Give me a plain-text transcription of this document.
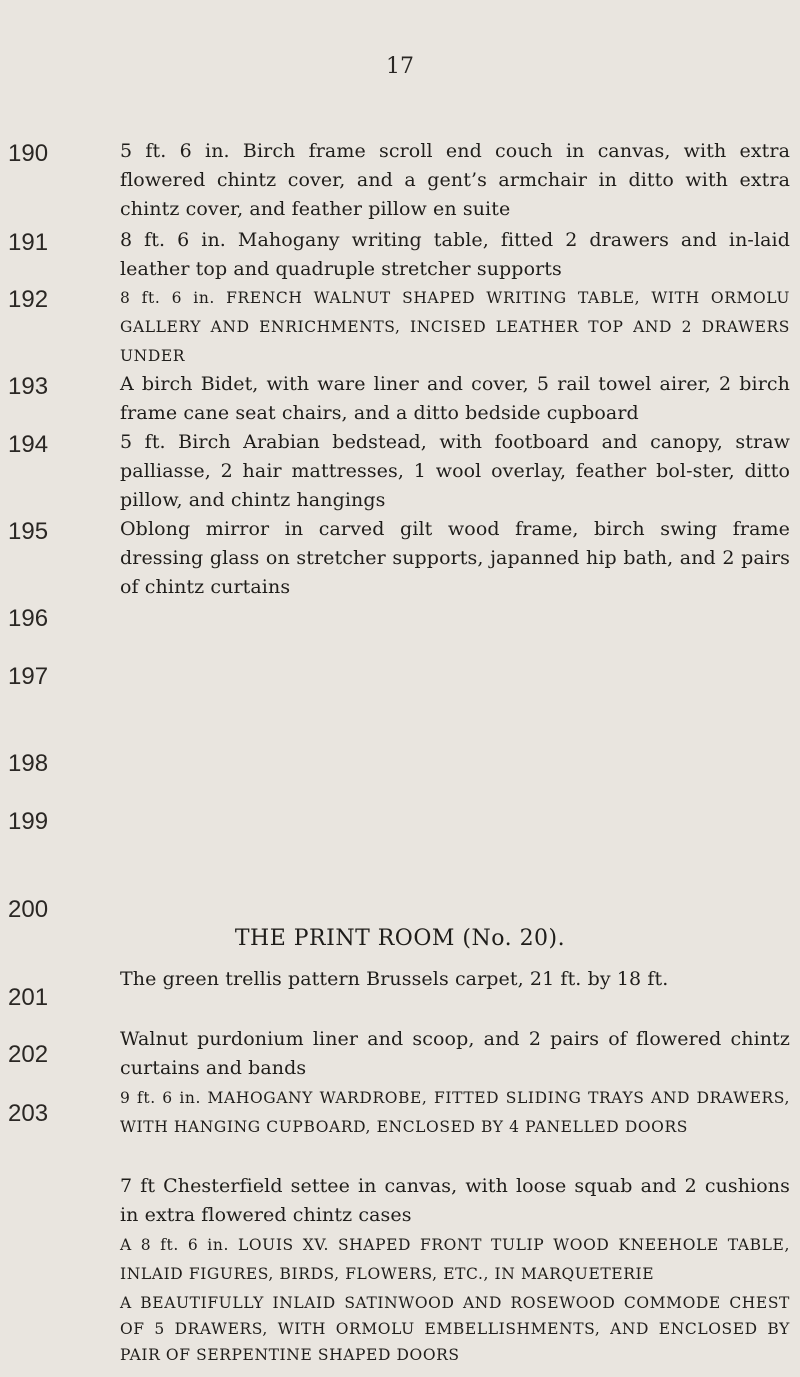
17
190
191
192
193
194
195
196
197
198
199
200
201
202
203
5 ft. 6 in. Birch frame scroll end couch in canvas, with extra flowered chintz cover, and a gent’s armchair in ditto with extra chintz cover, and feather pillow en suite
8 ft. 6 in. Mahogany writing table, fitted 2 drawers and in-laid leather top and quadruple stretcher supports
8 ft. 6 in. FRENCH WALNUT SHAPED WRITING TABLE, WITH ORMOLU GALLERY AND ENRICHMENTS, INCISED LEATHER TOP AND 2 DRAWERS UNDER
A birch Bidet, with ware liner and cover, 5 rail towel airer, 2 birch frame cane seat chairs, and a ditto bedside cupboard
5 ft. Birch Arabian bedstead, with footboard and canopy, straw palliasse, 2 hair mattresses, 1 wool overlay, feather bol-ster, ditto pillow, and chintz hangings
Oblong mirror in carved gilt wood frame, birch swing frame dressing glass on stretcher supports, japanned hip bath, and 2 pairs of chintz curtains
THE PRINT ROOM (No. 20).
The green trellis pattern Brussels carpet, 21 ft. by 18 ft.
Walnut purdonium liner and scoop, and 2 pairs of flowered chintz curtains and bands
9 ft. 6 in. MAHOGANY WARDROBE, FITTED SLIDING TRAYS AND DRAWERS, WITH HANGING CUPBOARD, ENCLOSED BY 4 PANELLED DOORS
7 ft Chesterfield settee in canvas, with loose squab and 2 cushions in extra flowered chintz cases
A 8 ft. 6 in. LOUIS XV. SHAPED FRONT TULIP WOOD KNEEHOLE TABLE, INLAID FIGURES, BIRDS, FLOWERS, ETC., IN MARQUETERIE
A BEAUTIFULLY INLAID SATINWOOD AND ROSEWOOD COMMODE CHEST OF 5 DRAWERS, WITH ORMOLU EMBELLISHMENTS, AND ENCLOSED BY PAIR OF SERPENTINE SHAPED DOORS
